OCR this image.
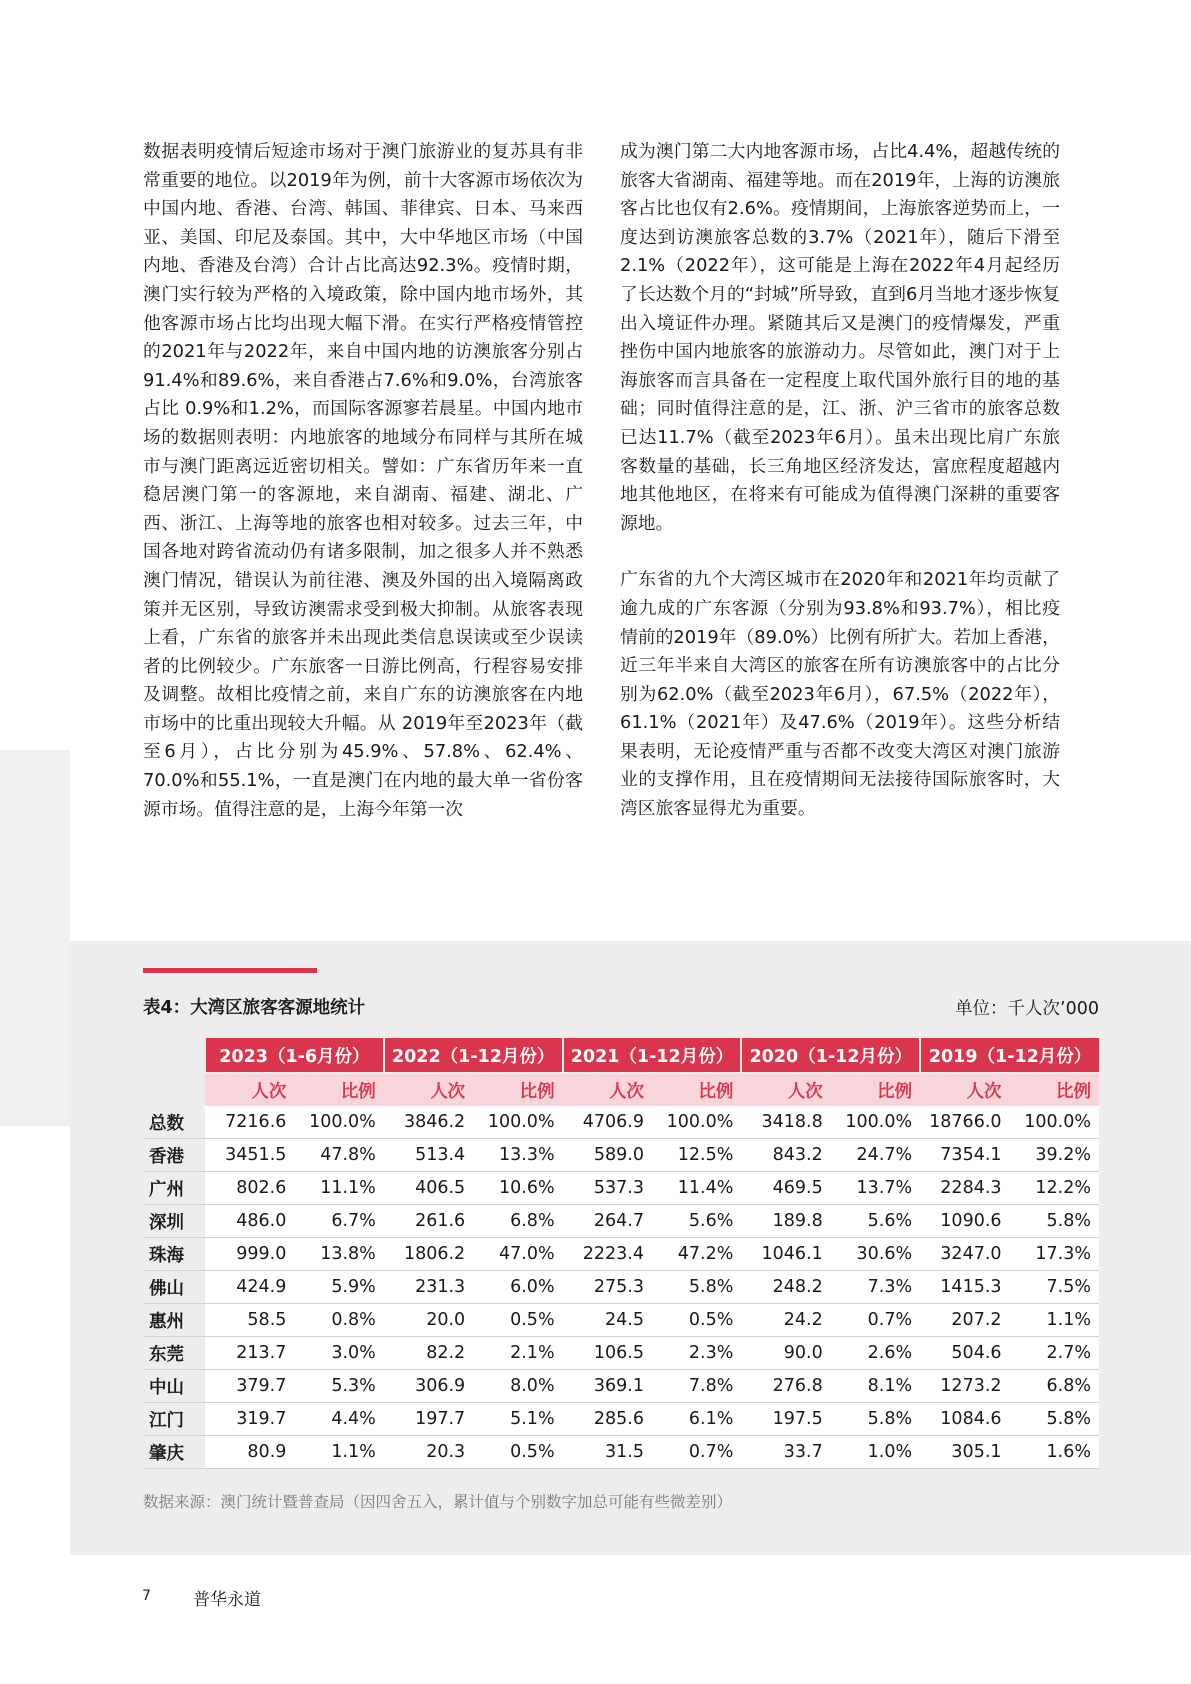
数据表明疫情后短途市场对于澳门旅游业的复苏具有非常重要的地位。以2019年为例，前十大客源市场依次为中国内地、香港、台湾、韩国、菲律宾、日本、马来西亚、美国、印尼及泰国。其中，大中华地区市场（中国内地、香港及台湾）合计占比高达92.3%。疫情时期，澳门实行较为严格的入境政策，除中国内地市场外，其他客源市场占比均出现大幅下滑。在实行严格疫情管控的2021年与2022年，来自中国内地的访澳旅客分别占91.4%和89.6%，来自香港占7.6%和9.0%，台湾旅客占比 0.9%和1.2%，而国际客源寥若晨星。中国内地市场的数据则表明：内地旅客的地域分布同样与其所在城市与澳门距离远近密切相关。譬如：广东省历年来一直稳居澳门第一的客源地，来自湖南、福建、湖北、广西、浙江、上海等地的旅客也相对较多。过去三年，中国各地对跨省流动仍有诸多限制，加之很多人并不熟悉澳门情况，错误认为前往港、澳及外国的出入境隔离政策并无区别，导致访澳需求受到极大抑制。从旅客表现上看，广东省的旅客并未出现此类信息误读或至少误读者的比例较少。广东旅客一日游比例高，行程容易安排及调整。故相比疫情之前，来自广东的访澳旅客在内地市场中的比重出现较大升幅。从 2019年至2023年（截至6月），占比分别为45.9%、57.8%、62.4%、70.0%和55.1%，一直是澳门在内地的最大单一省份客源市场。值得注意的是，上海今年第一次

成为澳门第二大内地客源市场，占比4.4%，超越传统的旅客大省湖南、福建等地。而在2019年，上海的访澳旅客占比也仅有2.6%。疫情期间，上海旅客逆势而上，一度达到访澳旅客总数的3.7%（2021年），随后下滑至2.1%（2022年），这可能是上海在2022年4月起经历了长达数个月的“封城”所导致，直到6月当地才逐步恢复出入境证件办理。紧随其后又是澳门的疫情爆发，严重挫伤中国内地旅客的旅游动力。尽管如此，澳门对于上海旅客而言具备在一定程度上取代国外旅行目的地的基础；同时值得注意的是，江、浙、沪三省市的旅客总数已达11.7%（截至2023年6月）。虽未出现比肩广东旅客数量的基础，长三角地区经济发达，富庶程度超越内地其他地区，在将来有可能成为值得澳门深耕的重要客源地。

广东省的九个大湾区城市在2020年和2021年均贡献了逾九成的广东客源（分别为93.8%和93.7%），相比疫情前的2019年（89.0%）比例有所扩大。若加上香港，近三年半来自大湾区的旅客在所有访澳旅客中的占比分别为62.0%（截至2023年6月），67.5%（2022年），61.1%（2021年）及47.6%（2019年）。这些分析结果表明，无论疫情严重与否都不改变大湾区对澳门旅游业的支撑作用，且在疫情期间无法接待国际旅客时，大湾区旅客显得尤为重要。

表4：大湾区旅客客源地统计	单位：千人次’000
	2023（1-6月份）		2022（1-12月份）		2021（1-12月份）		2020（1-12月份）		2019（1-12月份）	
	人次	比例	人次	比例	人次	比例	人次	比例	人次	比例
总数	7216.6	100.0%	3846.2	100.0%	4706.9	100.0%	3418.8	100.0%	18766.0	100.0%
香港	3451.5	47.8%	513.4	13.3%	589.0	12.5%	843.2	24.7%	7354.1	39.2%
广州	802.6	11.1%	406.5	10.6%	537.3	11.4%	469.5	13.7%	2284.3	12.2%
深圳	486.0	6.7%	261.6	6.8%	264.7	5.6%	189.8	5.6%	1090.6	5.8%
珠海	999.0	13.8%	1806.2	47.0%	2223.4	47.2%	1046.1	30.6%	3247.0	17.3%
佛山	424.9	5.9%	231.3	6.0%	275.3	5.8%	248.2	7.3%	1415.3	7.5%
惠州	58.5	0.8%	20.0	0.5%	24.5	0.5%	24.2	0.7%	207.2	1.1%
东莞	213.7	3.0%	82.2	2.1%	106.5	2.3%	90.0	2.6%	504.6	2.7%
中山	379.7	5.3%	306.9	8.0%	369.1	7.8%	276.8	8.1%	1273.2	6.8%
江门	319.7	4.4%	197.7	5.1%	285.6	6.1%	197.5	5.8%	1084.6	5.8%
肇庆	80.9	1.1%	20.3	0.5%	31.5	0.7%	33.7	1.0%	305.1	1.6%
数据来源：澳门统计暨普查局（因四舍五入，累计值与个别数字加总可能有些微差别）
7 普华永道
